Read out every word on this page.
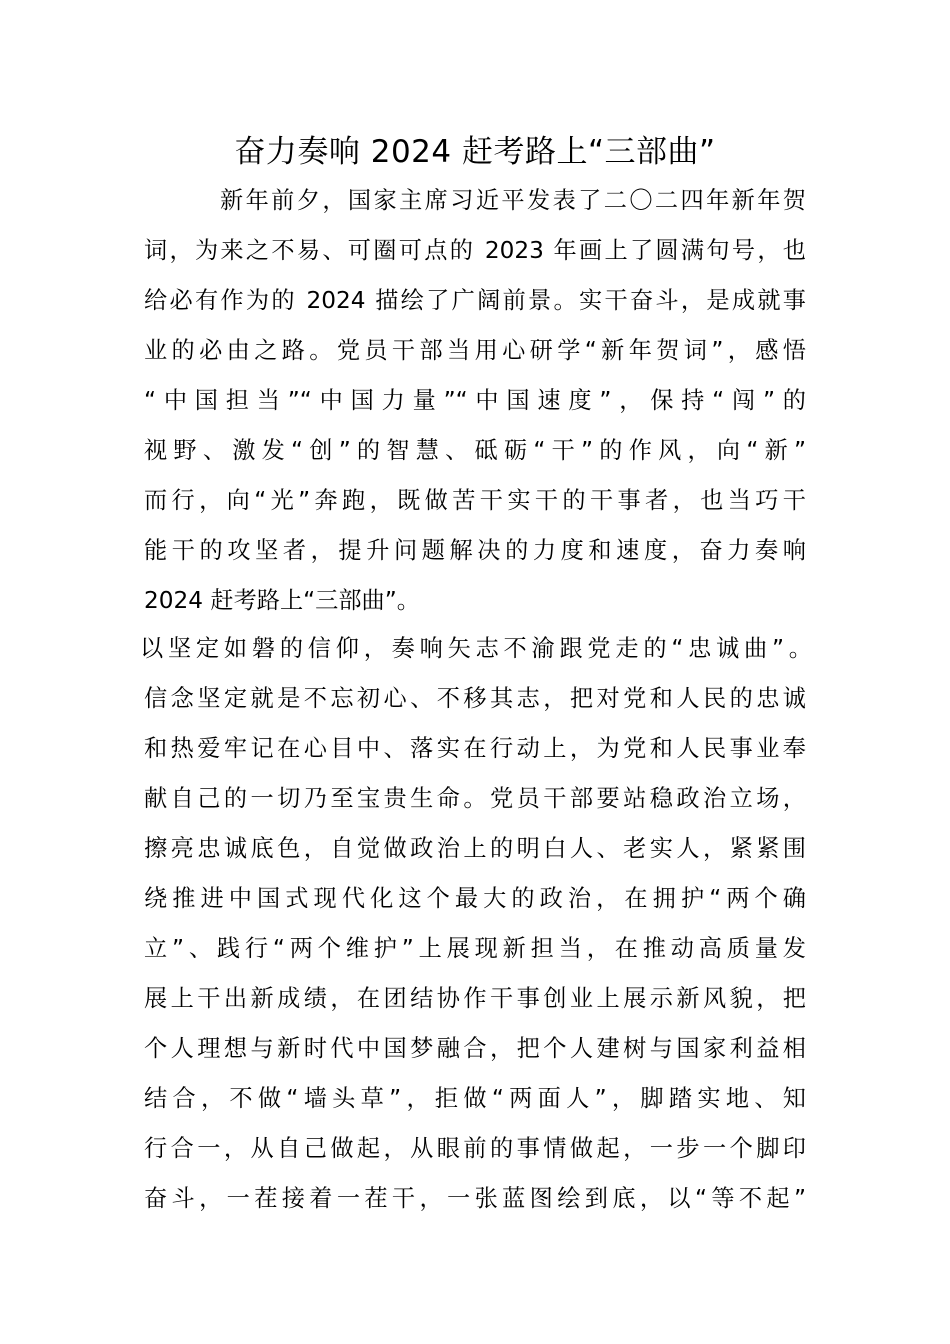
奋力奏响 2024 赶考路上“三部曲”
新年前夕，国家主席习近平发表了二〇二四年新年贺
词，为来之不易、可圈可点的 2023 年画上了圆满句号，也
给必有作为的 2024 描绘了广阔前景。实干奋斗，是成就事
业的必由之路。党员干部当用心研学“新年贺词”，感悟
“中国担当”“中国力量”“中国速度”，保持“闯”的
视野、激发“创”的智慧、砥砺“干”的作风，向“新”
而行，向“光”奔跑，既做苦干实干的干事者，也当巧干
能干的攻坚者，提升问题解决的力度和速度，奋力奏响
2024 赶考路上“三部曲”。
以坚定如磐的信仰，奏响矢志不渝跟党走的“忠诚曲”。
信念坚定就是不忘初心、不移其志，把对党和人民的忠诚
和热爱牢记在心目中、落实在行动上，为党和人民事业奉
献自己的一切乃至宝贵生命。党员干部要站稳政治立场，
擦亮忠诚底色，自觉做政治上的明白人、老实人，紧紧围
绕推进中国式现代化这个最大的政治，在拥护“两个确
立”、践行“两个维护”上展现新担当，在推动高质量发
展上干出新成绩，在团结协作干事创业上展示新风貌，把
个人理想与新时代中国梦融合，把个人建树与国家利益相
结合，不做“墙头草”，拒做“两面人”，脚踏实地、知
行合一，从自己做起，从眼前的事情做起，一步一个脚印
奋斗，一茬接着一茬干，一张蓝图绘到底，以“等不起”
